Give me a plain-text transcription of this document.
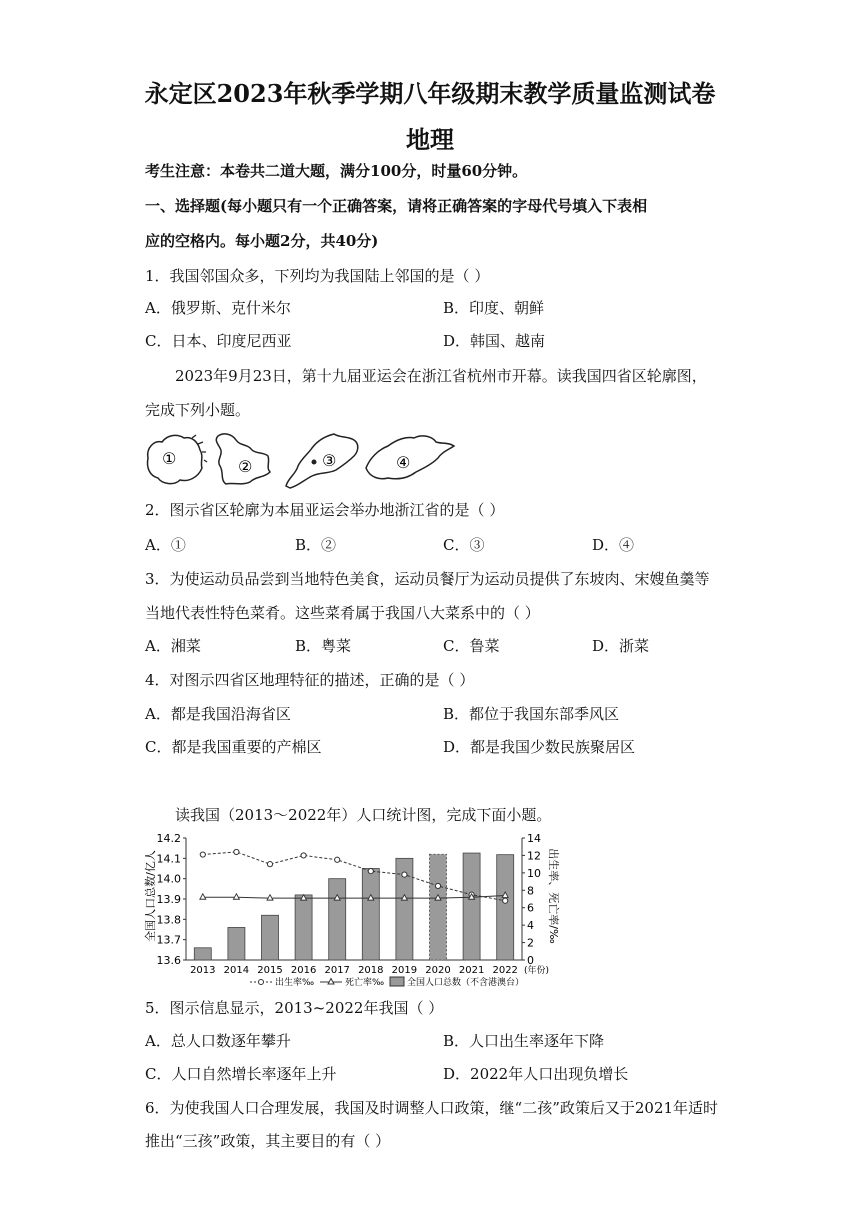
永定区2023年秋季学期八年级期末教学质量监测试卷
地理
考生注意：本卷共二道大题，满分100分，时量60分钟。
一、选择题(每小题只有一个正确答案，请将正确答案的字母代号填入下表相
应的空格内。每小题2分，共40分)
1．我国邻国众多，下列均为我国陆上邻国的是（ ）
A．俄罗斯、克什米尔	B．印度、朝鲜
C．日本、印度尼西亚	D．韩国、越南
2023年9月23日，第十九届亚运会在浙江省杭州市开幕。读我国四省区轮廓图，
完成下列小题。
①	②	③	④
2．图示省区轮廓为本届亚运会举办地浙江省的是（ ）
A．①	B．②	C．③	D．④
3．为使运动员品尝到当地特色美食，运动员餐厅为运动员提供了东坡肉、宋嫂鱼羹等
当地代表性特色菜肴。这些菜肴属于我国八大菜系中的（ ）
A．湘菜	B．粤菜	C．鲁菜	D．浙菜
4．对图示四省区地理特征的描述，正确的是（ ）
A．都是我国沿海省区	B．都位于我国东部季风区
C．都是我国重要的产棉区	D．都是我国少数民族聚居区
读我国（2013～2022年）人口统计图，完成下面小题。
全国人口总数/亿人	出生率、死亡率/‰
13.6
13.7
13.8
13.9
14.0
14.1
14.2
0
2
4
6
8
10
12
14
2013 2014 2015 2016 2017 2018 2019 2020 2021 2022 (年份)
出生率‰	死亡率‰	全国人口总数（不含港澳台）
5．图示信息显示，2013~2022年我国（ ）
A．总人口数逐年攀升	B．人口出生率逐年下降
C．人口自然增长率逐年上升	D．2022年人口出现负增长
6．为使我国人口合理发展，我国及时调整人口政策，继“二孩”政策后又于2021年适时
推出“三孩”政策，其主要目的有（ ）
